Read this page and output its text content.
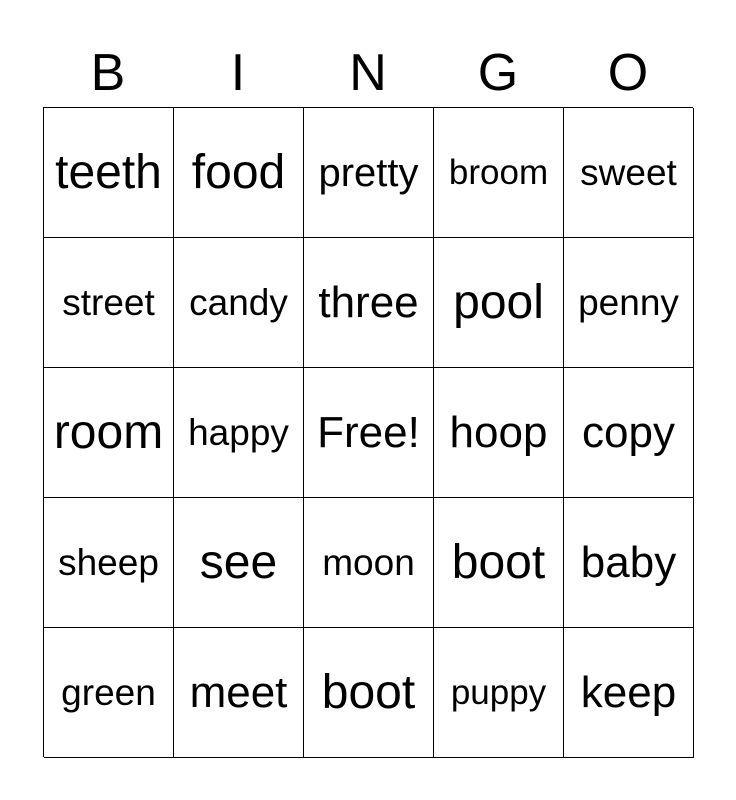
B	I	N	G	O
teeth food pretty broom sweet
street candy three pool penny
room happy Free! hoop copy
sheep see moon boot baby
green meet boot puppy keep
